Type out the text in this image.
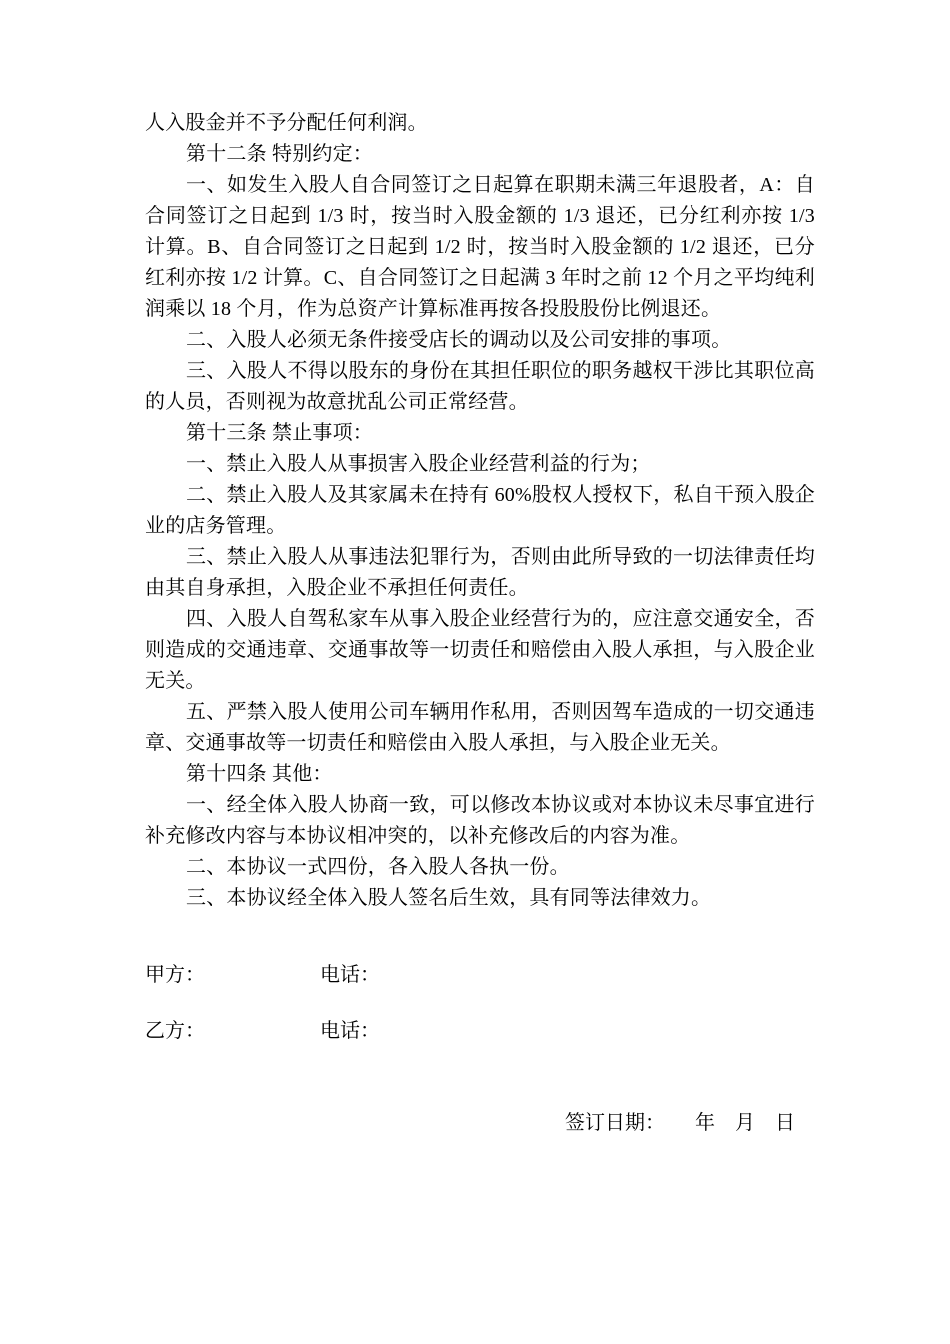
人入股金并不予分配任何利润。

第十二条 特别约定：

一、如发生入股人自合同签订之日起算在职期未满三年退股者，A：自合同签订之日起到 1/3 时，按当时入股金额的 1/3 退还，已分红利亦按 1/3 计算。B、自合同签订之日起到 1/2 时，按当时入股金额的 1/2 退还，已分红利亦按 1/2 计算。C、自合同签订之日起满 3 年时之前 12 个月之平均纯利润乘以 18 个月，作为总资产计算标准再按各投股股份比例退还。

二、入股人必须无条件接受店长的调动以及公司安排的事项。

三、入股人不得以股东的身份在其担任职位的职务越权干涉比其职位高的人员，否则视为故意扰乱公司正常经营。

第十三条 禁止事项：

一、禁止入股人从事损害入股企业经营利益的行为；

二、禁止入股人及其家属未在持有 60%股权人授权下，私自干预入股企业的店务管理。

三、禁止入股人从事违法犯罪行为，否则由此所导致的一切法律责任均由其自身承担，入股企业不承担任何责任。

四、入股人自驾私家车从事入股企业经营行为的，应注意交通安全，否则造成的交通违章、交通事故等一切责任和赔偿由入股人承担，与入股企业无关。

五、严禁入股人使用公司车辆用作私用，否则因驾车造成的一切交通违章、交通事故等一切责任和赔偿由入股人承担，与入股企业无关。

第十四条 其他：

一、经全体入股人协商一致，可以修改本协议或对本协议未尽事宜进行补充修改内容与本协议相冲突的，以补充修改后的内容为准。

二、本协议一式四份，各入股人各执一份。

三、本协议经全体入股人签名后生效，具有同等法律效力。

甲方：	电话：
乙方：	电话：
签订日期：　　年　月　日
